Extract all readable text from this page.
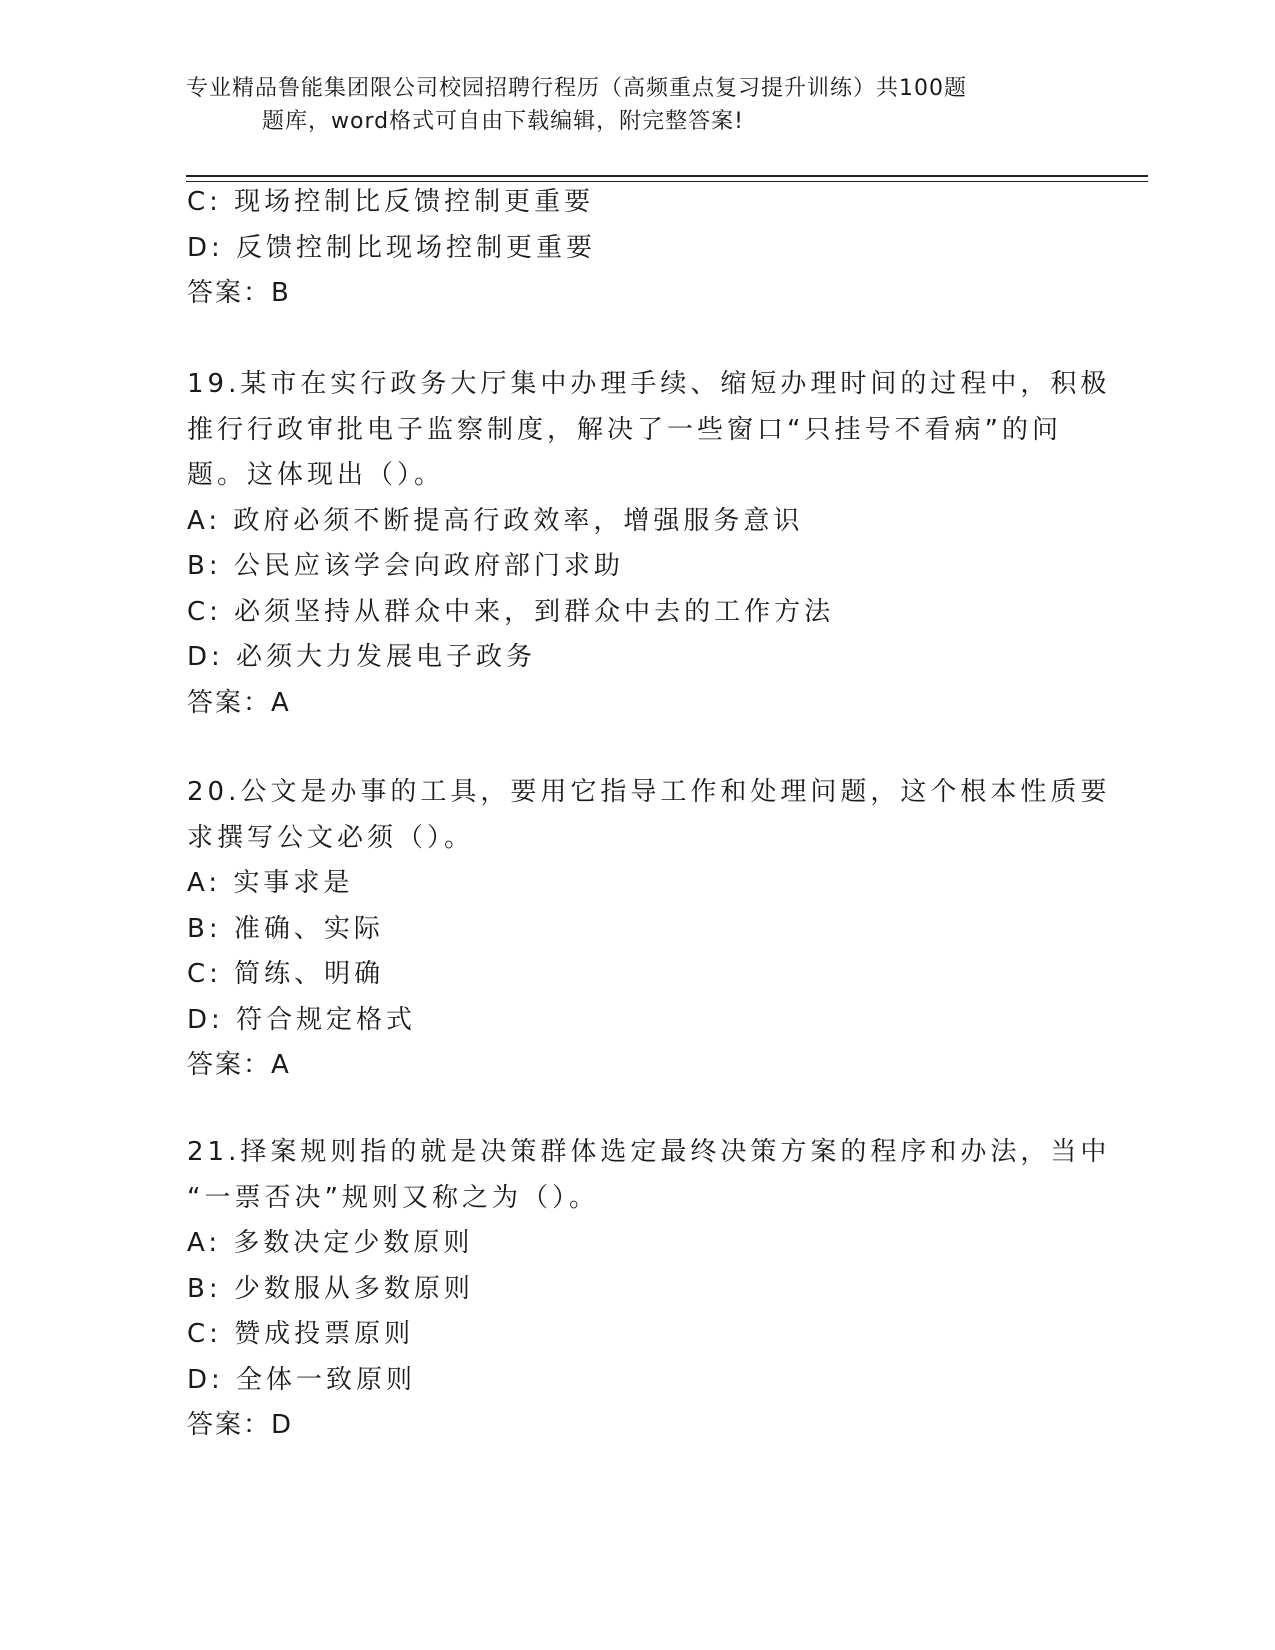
专业精品鲁能集团限公司校园招聘行程历（高频重点复习提升训练）共100题
题库，word格式可自由下载编辑，附完整答案!
C: 现场控制比反馈控制更重要
D: 反馈控制比现场控制更重要
答案：B
19.某市在实行政务大厅集中办理手续、缩短办理时间的过程中，积极
推行行政审批电子监察制度，解决了一些窗口“只挂号不看病”的问
题。这体现出（）。
A: 政府必须不断提高行政效率，增强服务意识
B: 公民应该学会向政府部门求助
C: 必须坚持从群众中来，到群众中去的工作方法
D: 必须大力发展电子政务
答案：A
20.公文是办事的工具，要用它指导工作和处理问题，这个根本性质要
求撰写公文必须（）。
A: 实事求是
B: 准确、实际
C: 简练、明确
D: 符合规定格式
答案：A
21.择案规则指的就是决策群体选定最终决策方案的程序和办法，当中
“一票否决”规则又称之为（）。
A: 多数决定少数原则
B: 少数服从多数原则
C: 赞成投票原则
D: 全体一致原则
答案：D
